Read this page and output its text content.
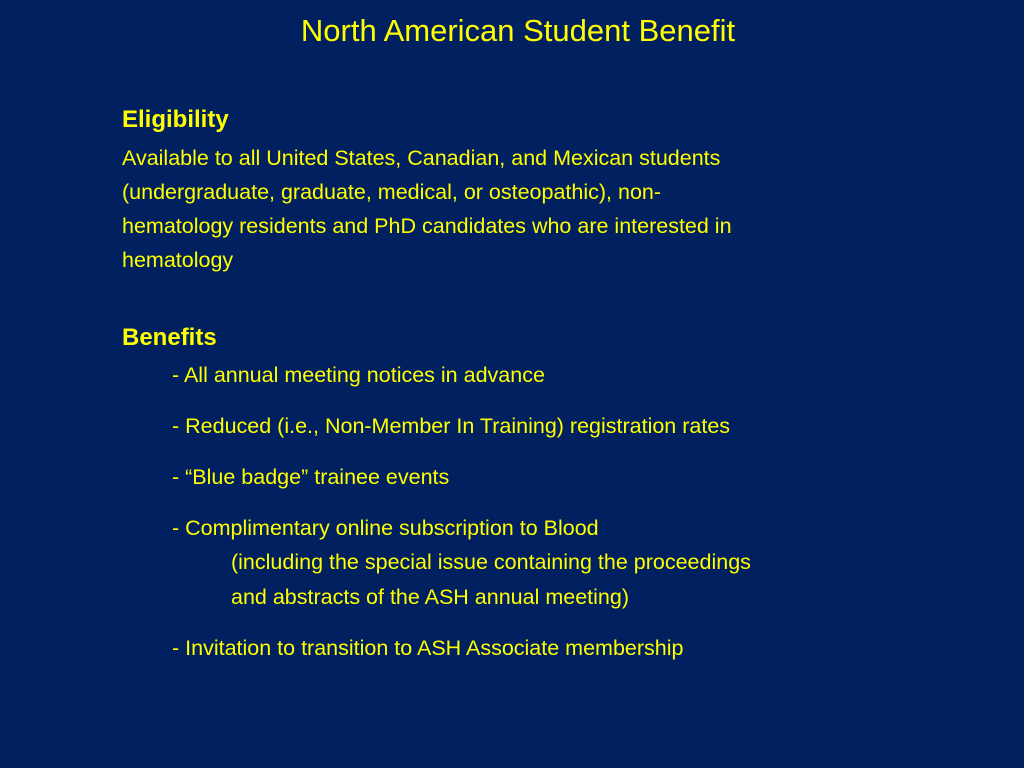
North American Student Benefit
Eligibility
Available to all United States, Canadian, and Mexican students
(undergraduate, graduate, medical, or osteopathic), non-
hematology residents and PhD candidates who are interested in
hematology
Benefits
- All annual meeting notices in advance
- Reduced (i.e., Non-Member In Training) registration rates
- “Blue badge” trainee events
- Complimentary online subscription to Blood
(including the special issue containing the proceedings
and abstracts of the ASH annual meeting)
- Invitation to transition to ASH Associate membership
